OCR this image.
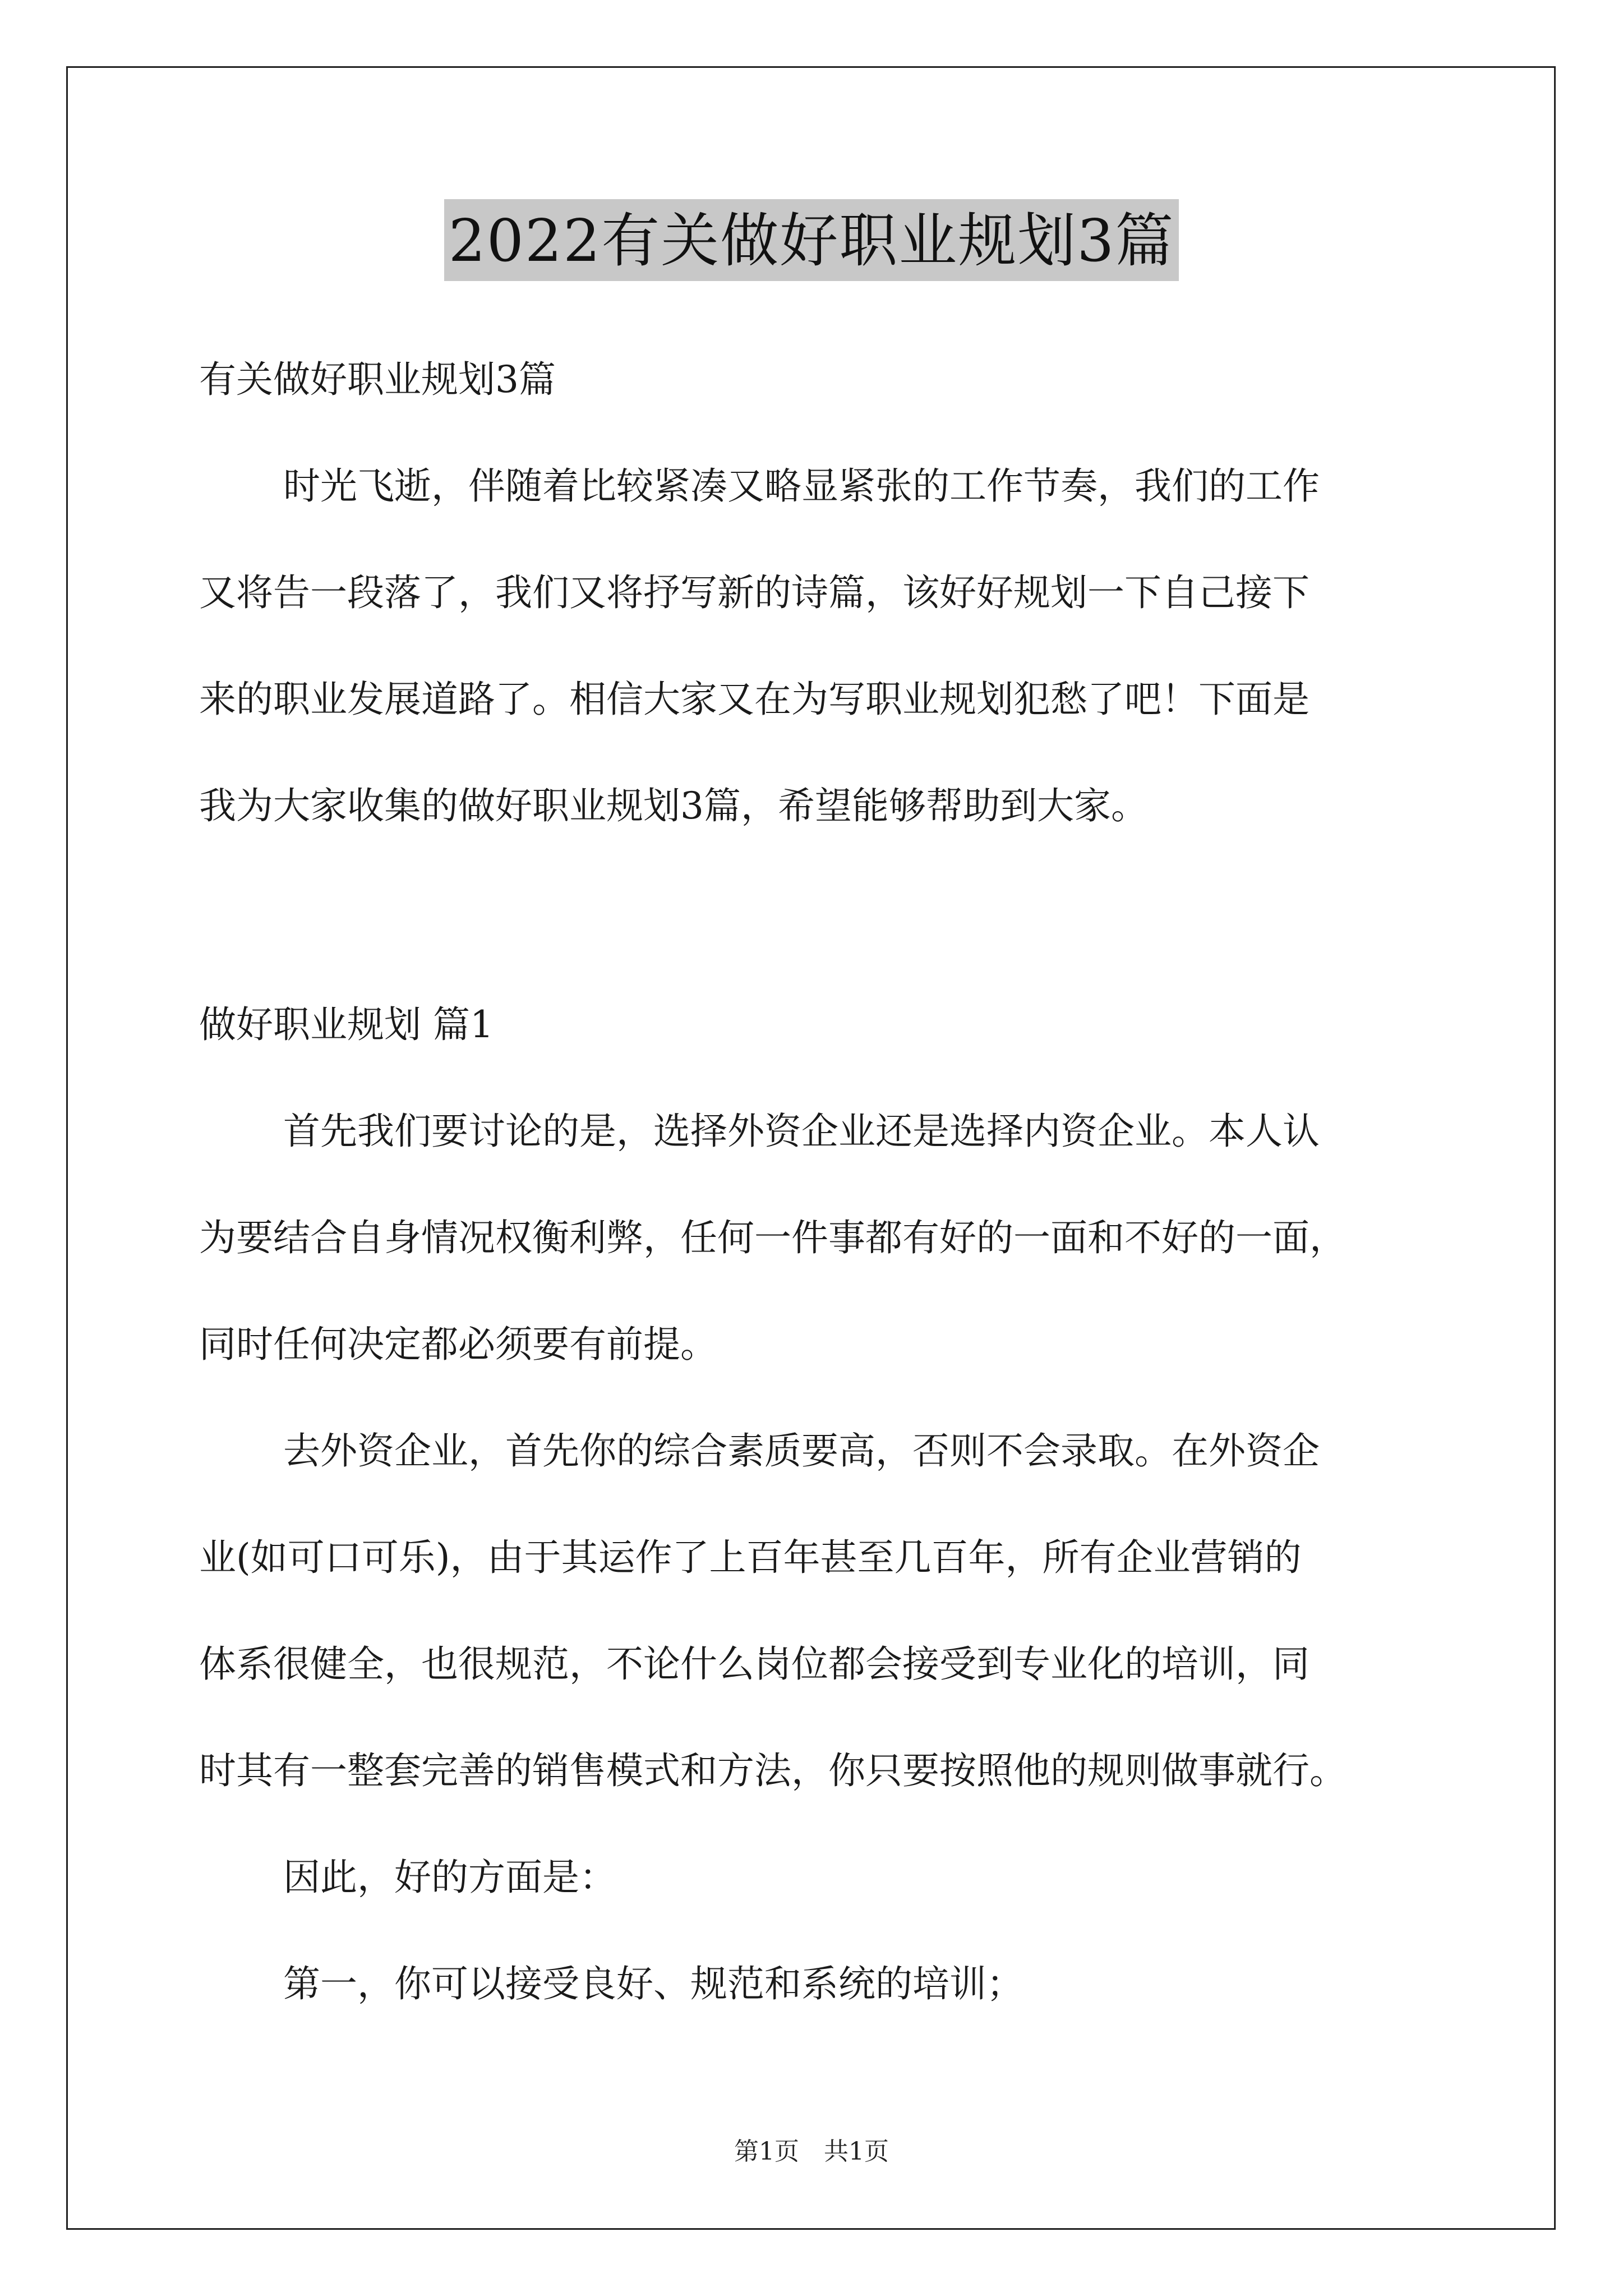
2022有关做好职业规划3篇
有关做好职业规划3篇
时光飞逝，伴随着比较紧凑又略显紧张的工作节奏，我们的工作
又将告一段落了，我们又将抒写新的诗篇，该好好规划一下自己接下
来的职业发展道路了。相信大家又在为写职业规划犯愁了吧！下面是
我为大家收集的做好职业规划3篇，希望能够帮助到大家。
做好职业规划 篇1
首先我们要讨论的是，选择外资企业还是选择内资企业。本人认
为要结合自身情况权衡利弊，任何一件事都有好的一面和不好的一面，
同时任何决定都必须要有前提。
去外资企业，首先你的综合素质要高，否则不会录取。在外资企
业(如可口可乐)，由于其运作了上百年甚至几百年，所有企业营销的
体系很健全，也很规范，不论什么岗位都会接受到专业化的培训，同
时其有一整套完善的销售模式和方法，你只要按照他的规则做事就行。
因此，好的方面是：
第一，你可以接受良好、规范和系统的培训；
第1页　共1页
